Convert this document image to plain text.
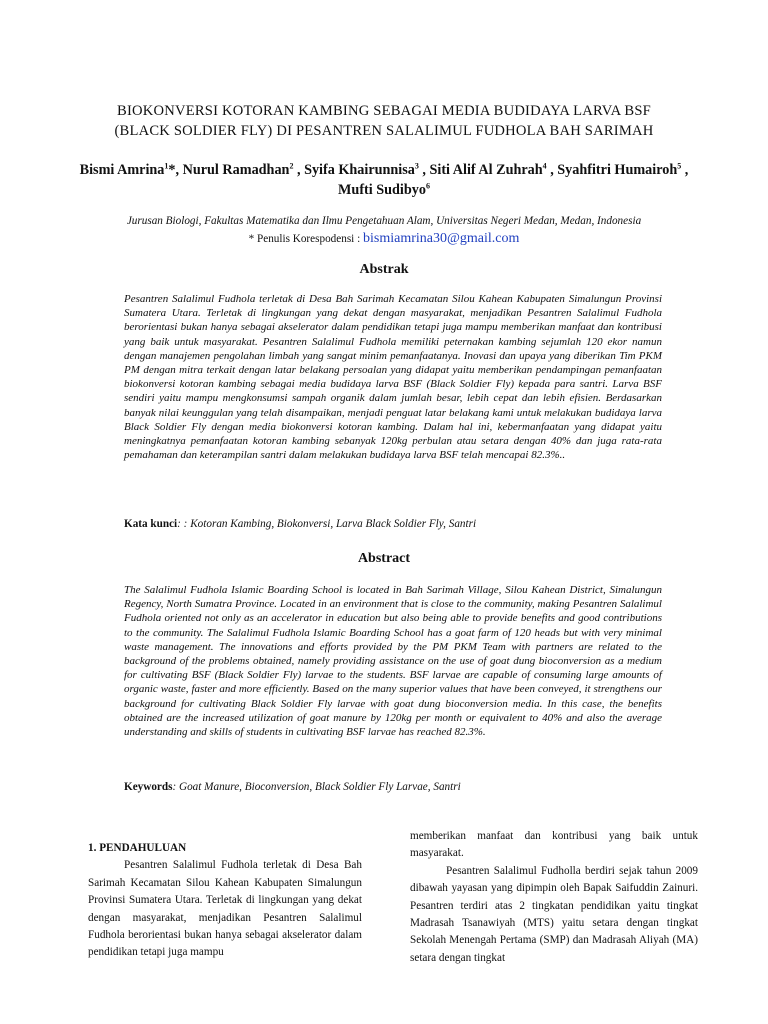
BIOKONVERSI KOTORAN KAMBING SEBAGAI MEDIA BUDIDAYA LARVA BSF
(BLACK SOLDIER FLY) DI PESANTREN SALALIMUL FUDHOLA BAH SARIMAH
Bismi Amrina$^1$*, Nurul Ramadhan$^2$ , Syifa Khairunnisa$^3$ , Siti Alif Al Zuhrah$^4$ , Syahfitri Humairoh$^5$ , Mufti Sudibyo$^6$
Jurusan Biologi, Fakultas Matematika dan Ilmu Pengetahuan Alam, Universitas Negeri Medan, Medan, Indonesia
* Penulis Korespodensi : bismiamrina30@gmail.com
Abstrak
Pesantren Salalimul Fudhola terletak di Desa Bah Sarimah Kecamatan Silou Kahean Kabupaten Simalungun Provinsi Sumatera Utara. Terletak di lingkungan yang dekat dengan masyarakat, menjadikan Pesantren Salalimul Fudhola berorientasi bukan hanya sebagai akselerator dalam pendidikan tetapi juga mampu memberikan manfaat dan kontribusi yang baik untuk masyarakat. Pesantren Salalimul Fudhola memiliki peternakan kambing sejumlah 120 ekor namun dengan manajemen pengolahan limbah yang sangat minim pemanfaatanya. Inovasi dan upaya yang diberikan Tim PKM PM dengan mitra terkait dengan latar belakang persoalan yang didapat yaitu memberikan pendampingan pemanfaatan biokonversi kotoran kambing sebagai media budidaya larva BSF (Black Soldier Fly) kepada para santri. Larva BSF sendiri yaitu mampu mengkonsumsi sampah organik dalam jumlah besar, lebih cepat dan lebih efisien. Berdasarkan banyak nilai keunggulan yang telah disampaikan, menjadi penguat latar belakang kami untuk melakukan budidaya larva Black Soldier Fly dengan media biokonversi kotoran kambing. Dalam hal ini, kebermanfaatan yang didapat yaitu meningkatnya pemanfaatan kotoran kambing sebanyak 120kg perbulan atau setara dengan 40% dan juga rata-rata pemahaman dan keterampilan santri dalam melakukan budidaya larva BSF telah mencapai 82.3%..
Kata kunci: : Kotoran Kambing, Biokonversi, Larva Black Soldier Fly, Santri
Abstract
The Salalimul Fudhola Islamic Boarding School is located in Bah Sarimah Village, Silou Kahean District, Simalungun Regency, North Sumatra Province. Located in an environment that is close to the community, making Pesantren Salalimul Fudhola oriented not only as an accelerator in education but also being able to provide benefits and good contributions to the community. The Salalimul Fudhola Islamic Boarding School has a goat farm of 120 heads but with very minimal waste management. The innovations and efforts provided by the PM PKM Team with partners are related to the background of the problems obtained, namely providing assistance on the use of goat dung bioconversion as a medium for cultivating BSF (Black Soldier Fly) larvae to the students. BSF larvae are capable of consuming large amounts of organic waste, faster and more efficiently. Based on the many superior values that have been conveyed, it strengthens our background for cultivating Black Soldier Fly larvae with goat dung bioconversion media. In this case, the benefits obtained are the increased utilization of goat manure by 120kg per month or equivalent to 40% and also the average understanding and skills of students in cultivating BSF larvae has reached 82.3%.
Keywords: Goat Manure, Bioconversion, Black Soldier Fly Larvae, Santri

1. PENDAHULUAN

Pesantren Salalimul Fudhola terletak di Desa Bah Sarimah Kecamatan Silou Kahean Kabupaten Simalungun Provinsi Sumatera Utara. Terletak di lingkungan yang dekat dengan masyarakat, menjadikan Pesantren Salalimul Fudhola berorientasi bukan hanya sebagai akselerator dalam pendidikan tetapi juga mampu

memberikan manfaat dan kontribusi yang baik untuk masyarakat.

Pesantren Salalimul Fudholla berdiri sejak tahun 2009 dibawah yayasan yang dipimpin oleh Bapak Saifuddin Zainuri. Pesantren terdiri atas 2 tingkatan pendidikan yaitu tingkat Madrasah Tsanawiyah (MTS) yaitu setara dengan tingkat Sekolah Menengah Pertama (SMP) dan Madrasah Aliyah (MA) setara dengan tingkat
